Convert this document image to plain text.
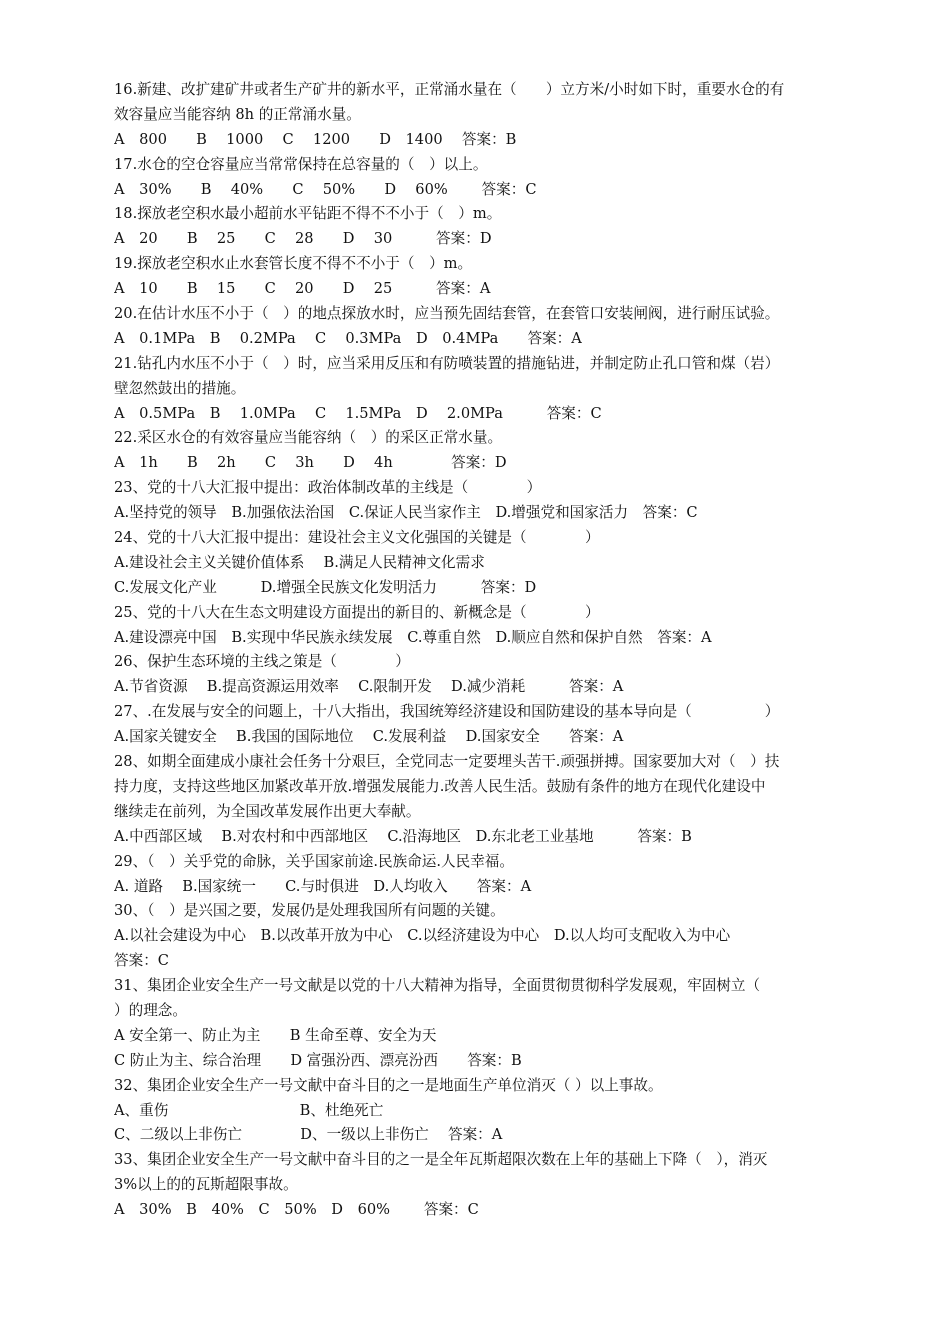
16.新建、改扩建矿井或者生产矿井的新水平，正常涌水量在（　　）立方米/小时如下时，重要水仓的有
效容量应当能容纳 8h 的正常涌水量。
A　800　　B　 1000　 C　 1200　　D　1400　 答案：B
17.水仓的空仓容量应当常常保持在总容量的（　）以上。
A　30%　　B　 40%　　C　 50%　　D　 60%　　 答案：C
18.探放老空积水最小超前水平钻距不得不不小于（　）m。
A　20　　B　 25　　C　 28　　D　 30　　　答案：D
19.探放老空积水止水套管长度不得不不小于（　）m。
A　10　　B　 15　　C　 20　　D　 25　　　答案：A
20.在估计水压不小于（　）的地点探放水时，应当预先固结套管，在套管口安装闸阀，进行耐压试验。
A　0.1MPa　B　 0.2MPa　 C　 0.3MPa　D　0.4MPa　　答案：A
21.钻孔内水压不小于（　）时，应当采用反压和有防喷装置的措施钻进，并制定防止孔口管和煤（岩）
壁忽然鼓出的措施。
A　0.5MPa　B　 1.0MPa　 C　 1.5MPa　D　 2.0MPa　　　答案：C
22.采区水仓的有效容量应当能容纳（　）的采区正常水量。
A　1h　　B　 2h　　C　 3h　　D　 4h　　　　答案：D
23、党的十八大汇报中提出：政治体制改革的主线是（　　　　）
A.坚持党的领导　B.加强依法治国　C.保证人民当家作主　D.增强党和国家活力　答案：C
24、党的十八大汇报中提出：建设社会主义文化强国的关键是（　　　　）
A.建设社会主义关键价值体系　 B.满足人民精神文化需求
C.发展文化产业　　　D.增强全民族文化发明活力　　　答案：D
25、党的十八大在生态文明建设方面提出的新目的、新概念是（　　　　）
A.建设漂亮中国　B.实现中华民族永续发展　C.尊重自然　D.顺应自然和保护自然　答案：A
26、保护生态环境的主线之策是（　　　　）
A.节省资源　 B.提高资源运用效率　 C.限制开发　 D.减少消耗　　　答案：A
27、.在发展与安全的问题上，十八大指出，我国统筹经济建设和国防建设的基本导向是（　　　　　）
A.国家关键安全　 B.我国的国际地位　 C.发展利益　 D.国家安全　　答案：A
28、如期全面建成小康社会任务十分艰巨，全党同志一定要埋头苦干.顽强拼搏。国家要加大对（　）扶
持力度，支持这些地区加紧改革开放.增强发展能力.改善人民生活。鼓励有条件的地方在现代化建设中
继续走在前列，为全国改革发展作出更大奉献。
A.中西部区域　 B.对农村和中西部地区　 C.沿海地区　D.东北老工业基地　　　答案：B
29、（　）关乎党的命脉，关乎国家前途.民族命运.人民幸福。
A. 道路　 B.国家统一　　C.与时俱进　D.人均收入　　答案：A
30、（　）是兴国之要，发展仍是处理我国所有问题的关键。
A.以社会建设为中心　B.以改革开放为中心　C.以经济建设为中心　D.以人均可支配收入为中心
答案：C
31、集团企业安全生产一号文献是以党的十八大精神为指导，全面贯彻贯彻科学发展观，牢固树立（
）的理念。
A 安全第一、防止为主　　B 生命至尊、安全为天
C 防止为主、综合治理　　D 富强汾西、漂亮汾西　　答案：B
32、集团企业安全生产一号文献中奋斗目的之一是地面生产单位消灭（ ）以上事故。
A、重伤　　　　　　　　　B、杜绝死亡
C、二级以上非伤亡　　　　D、一级以上非伤亡　 答案：A
33、集团企业安全生产一号文献中奋斗目的之一是全年瓦斯超限次数在上年的基础上下降（　），消灭
3%以上的的瓦斯超限事故。
A　30%　B　40%　C　50%　D　60%　　 答案：C
